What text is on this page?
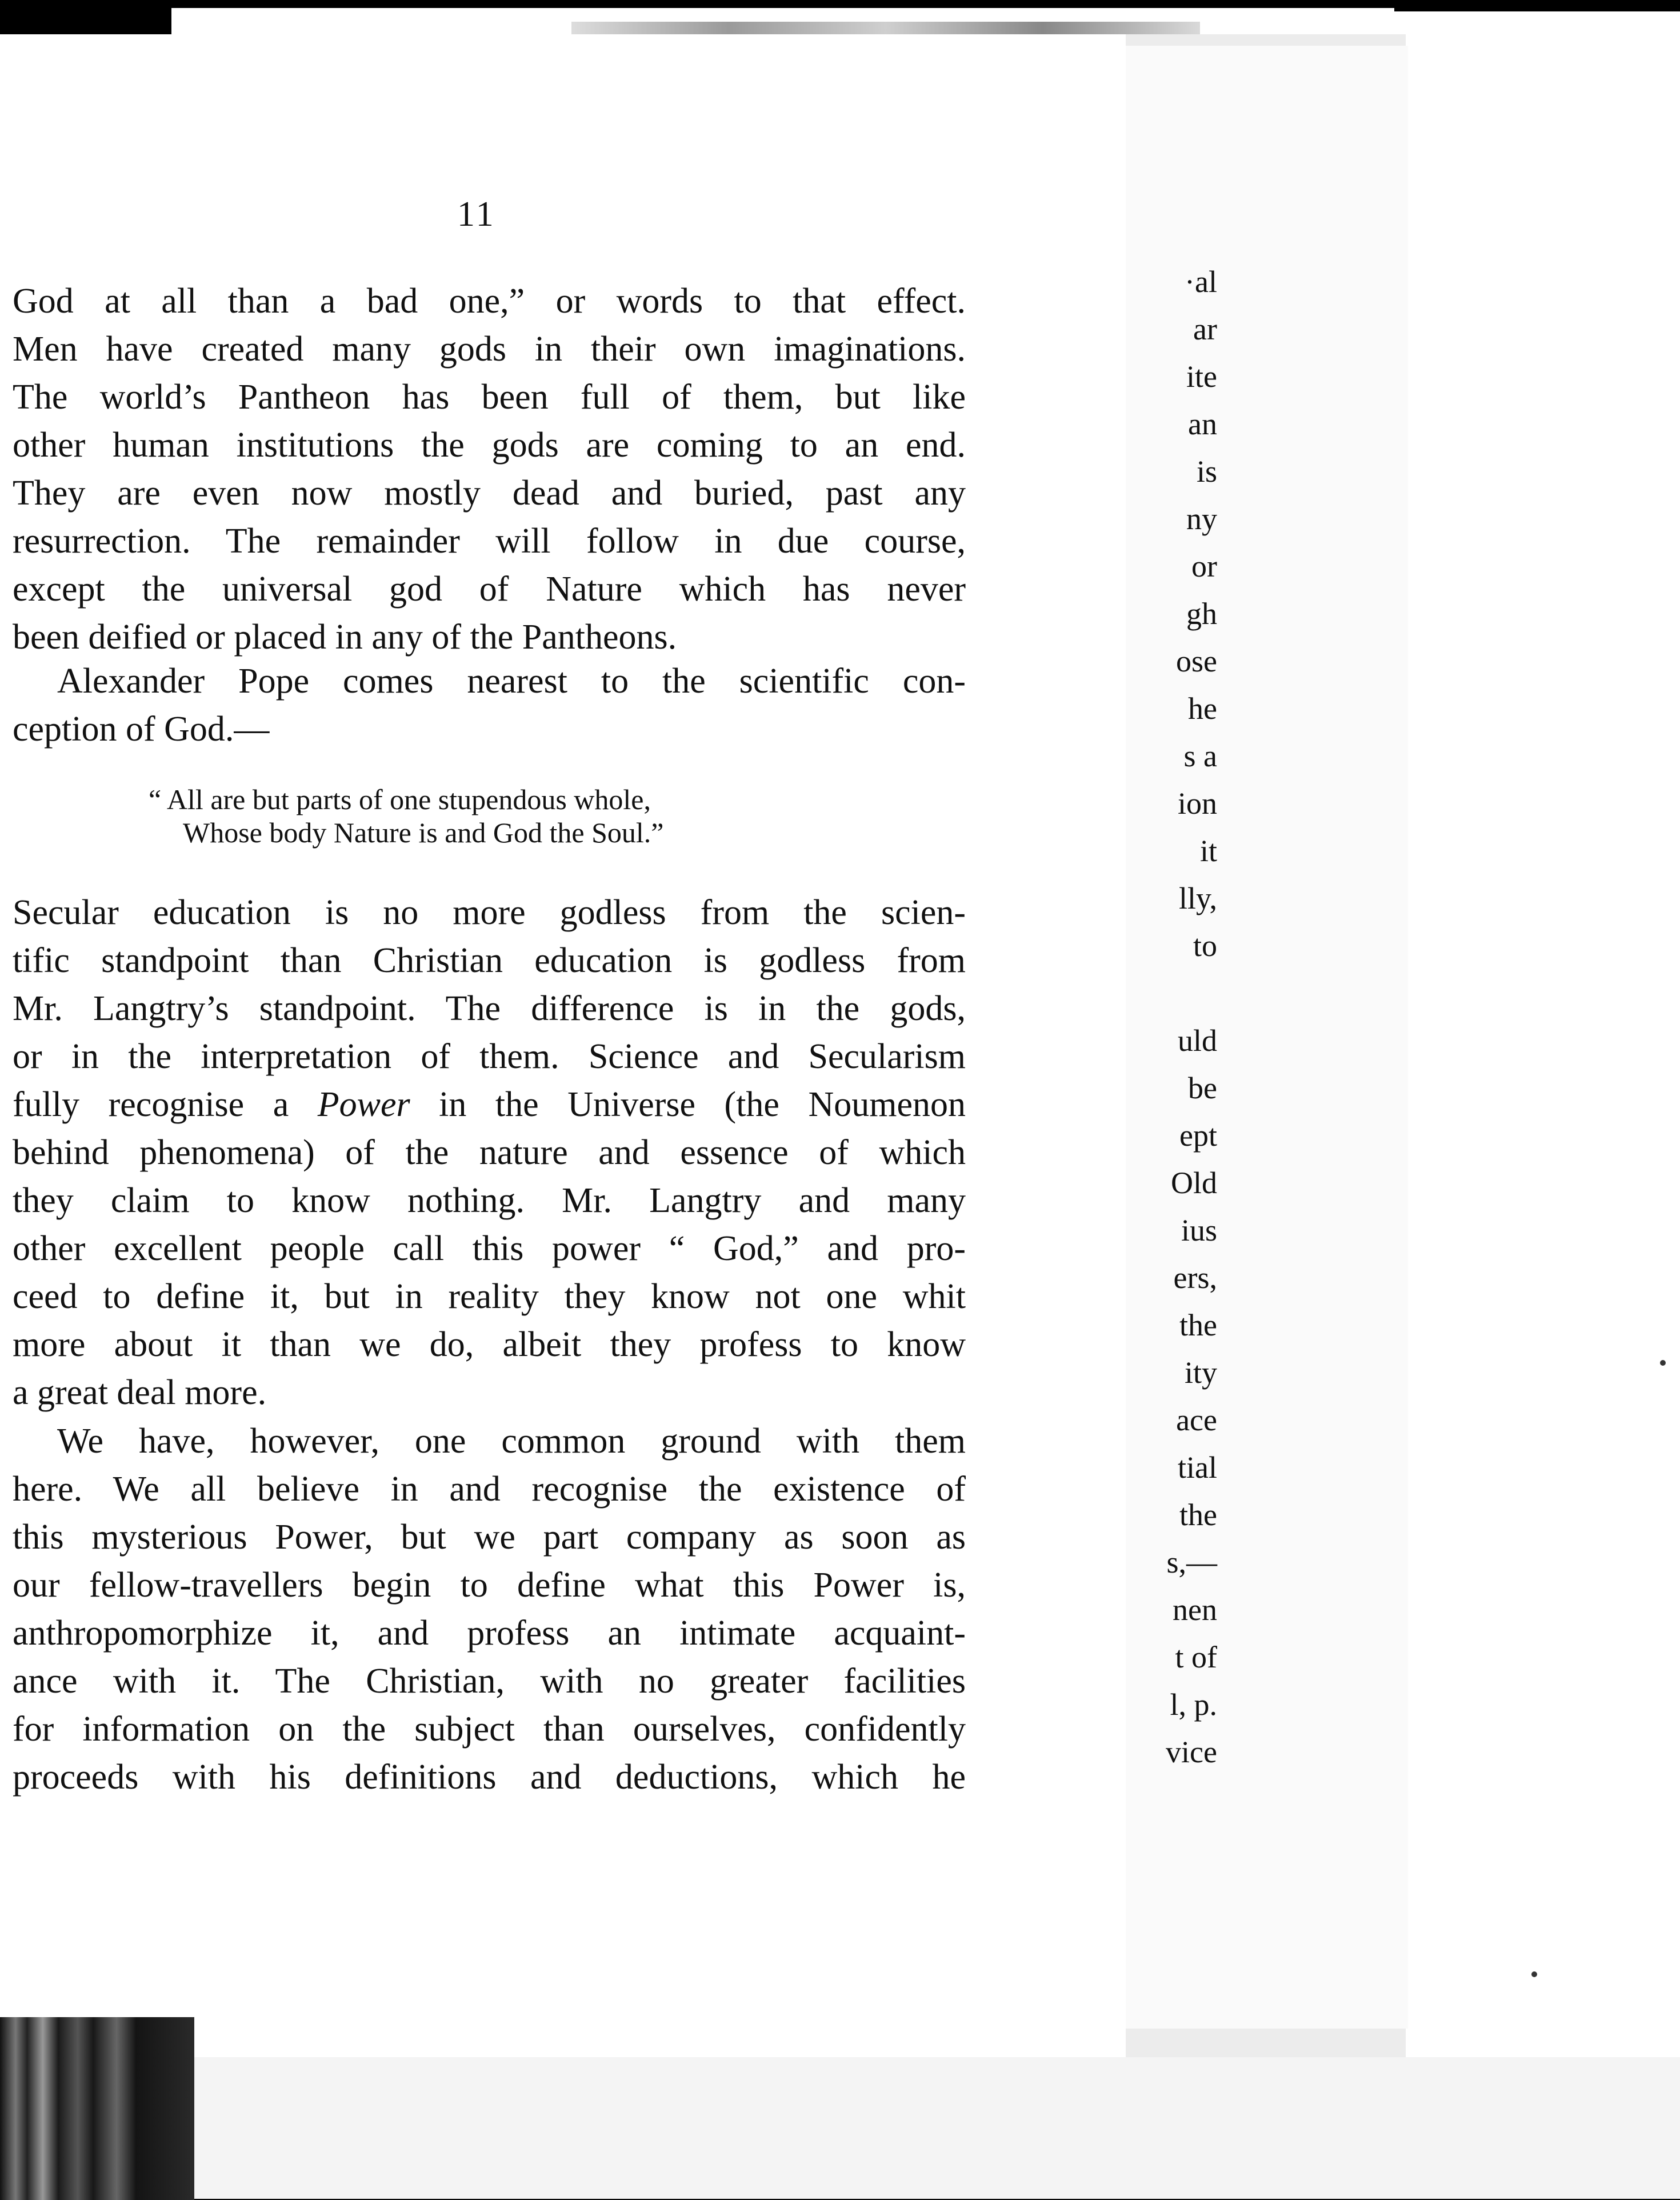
11

God at all than a bad one,” or words to that effect.

Men have created many gods in their own imaginations.

The world’s Pantheon has been full of them, but like

other human institutions the gods are coming to an end.

They are even now mostly dead and buried, past any

resurrection. The remainder will follow in due course,

except the universal god of Nature which has never

been deified or placed in any of the Pantheons.

Alexander Pope comes nearest to the scientific con-

ception of God.—

“ All are but parts of one stupendous whole,
Whose body Nature is and God the Soul.”

Secular education is no more godless from the scien-

tific standpoint than Christian education is godless from

Mr. Langtry’s standpoint. The difference is in the gods,

or in the interpretation of them. Science and Secularism

fully recognise a Power in the Universe (the Noumenon

behind phenomena) of the nature and essence of which

they claim to know nothing. Mr. Langtry and many

other excellent people call this power “ God,” and pro-

ceed to define it, but in reality they know not one whit

more about it than we do, albeit they profess to know

a great deal more.

We have, however, one common ground with them

here. We all believe in and recognise the existence of

this mysterious Power, but we part company as soon as

our fellow-travellers begin to define what this Power is,

anthropomorphize it, and profess an intimate acquaint-

ance with it. The Christian, with no greater facilities

for information on the subject than ourselves, confidently

proceeds with his definitions and deductions, which he

·al
ar
ite
an
is
ny
or
gh
ose
he
s a
ion
it
lly,
to
uld
be
ept
Old
ius
ers,
the
ity
ace
tial
the
s,—
nen
t of
l, p.
vice
